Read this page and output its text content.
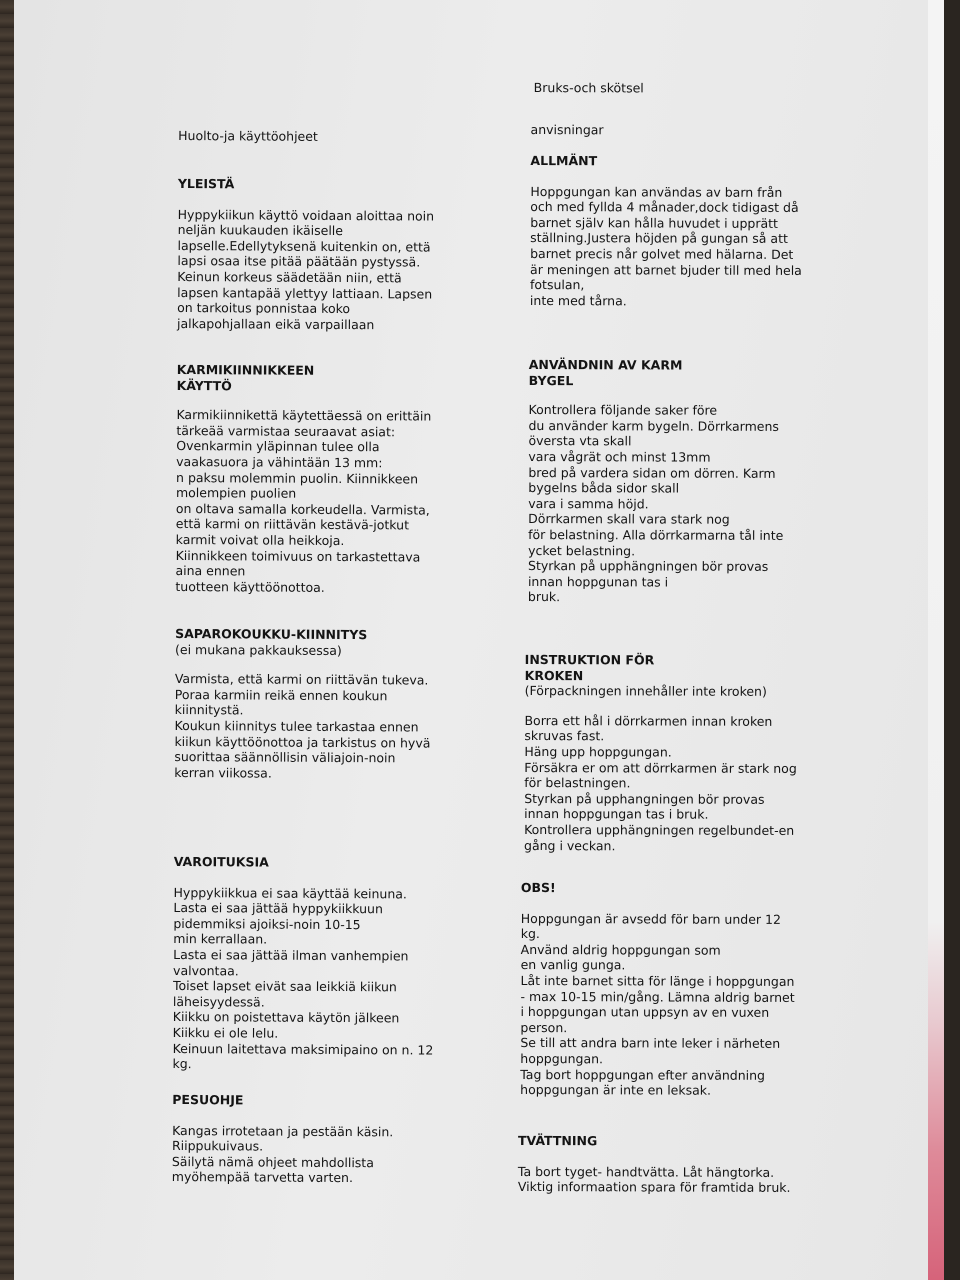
Huolto-ja käyttöohjeet

YLEISTÄ

Hyppykiikun käyttö voidaan aloittaa noin

neljän kuukauden ikäiselle

lapselle.Edellytyksenä kuitenkin on, että

lapsi osaa itse pitää päätään pystyssä.

Keinun korkeus säädetään niin, että

lapsen kantapää ylettyy lattiaan. Lapsen

on tarkoitus ponnistaa koko

jalkapohjallaan eikä varpaillaan

KARMIKIINNIKKEEN

KÄYTTÖ

Karmikiinnikettä käytettäessä on erittäin

tärkeää varmistaa seuraavat asiat:

Ovenkarmin yläpinnan tulee olla

vaakasuora ja vähintään 13 mm:

n paksu molemmin puolin. Kiinnikkeen

molempien puolien

on oltava samalla korkeudella. Varmista,

että karmi on riittävän kestävä-jotkut

karmit voivat olla heikkoja.

Kiinnikkeen toimivuus on tarkastettava

aina ennen

tuotteen käyttöönottoa.

SAPAROKOUKKU-KIINNITYS

(ei mukana pakkauksessa)

Varmista, että karmi on riittävän tukeva.

Poraa karmiin reikä ennen koukun

kiinnitystä.

Koukun kiinnitys tulee tarkastaa ennen

kiikun käyttöönottoa ja tarkistus on hyvä

suorittaa säännöllisin väliajoin-noin

kerran viikossa.

VAROITUKSIA

Hyppykiikkua ei saa käyttää keinuna.

Lasta ei saa jättää hyppykiikkuun

pidemmiksi ajoiksi-noin 10-15

min kerrallaan.

Lasta ei saa jättää ilman vanhempien

valvontaa.

Toiset lapset eivät saa leikkiä kiikun

läheisyydessä.

Kiikku on poistettava käytön jälkeen

Kiikku ei ole lelu.

Keinuun laitettava maksimipaino on n. 12

kg.

PESUOHJE

Kangas irrotetaan ja pestään käsin.

Riippukuivaus.

Säilytä nämä ohjeet mahdollista

myöhempää tarvetta varten.

Bruks-och skötsel

anvisningar

ALLMÄNT

Hoppgungan kan användas av barn från

och med fyllda 4 månader,dock tidigast då

barnet själv kan hålla huvudet i upprätt

ställning.Justera höjden på gungan så att

barnet precis når golvet med hälarna. Det

är meningen att barnet bjuder till med hela

fotsulan,

inte med tårna.

ANVÄNDNIN AV KARM

BYGEL

Kontrollera följande saker före

du använder karm bygeln. Dörrkarmens

översta vta skall

vara vågrät och minst 13mm

bred på vardera sidan om dörren. Karm

bygelns båda sidor skall

vara i samma höjd.

Dörrkarmen skall vara stark nog

för belastning. Alla dörrkarmarna tål inte

ycket belastning.

Styrkan på upphängningen bör provas

innan hoppgunan tas i

bruk.

INSTRUKTION FÖR

KROKEN

(Förpackningen innehåller inte kroken)

Borra ett hål i dörrkarmen innan kroken

skruvas fast.

Häng upp hoppgungan.

Försäkra er om att dörrkarmen är stark nog

för belastningen.

Styrkan på upphangningen bör provas

innan hoppgungan tas i bruk.

Kontrollera upphängningen regelbundet-en

gång i veckan.

OBS!

Hoppgungan är avsedd för barn under 12

kg.

Använd aldrig hoppgungan som

en vanlig gunga.

Låt inte barnet sitta för länge i hoppgungan

- max 10-15 min/gång. Lämna aldrig barnet

i hoppgungan utan uppsyn av en vuxen

person.

Se till att andra barn inte leker i närheten

hoppgungan.

Tag bort hoppgungan efter användning

hoppgungan är inte en leksak.

TVÄTTNING

Ta bort tyget- handtvätta. Låt hängtorka.

Viktig informaation spara för framtida bruk.
